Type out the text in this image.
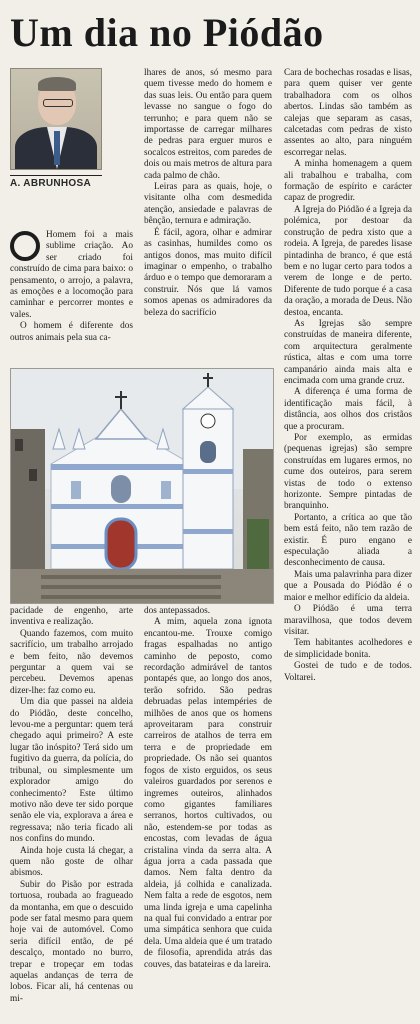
Um dia no Piódão
A. ABRUNHOSA

Homem foi a mais sublime criação. Ao ser criado foi construído de cima para baixo: o pensamento, o arrojo, a palavra, as emoções e a locomoção para caminhar e percorrer montes e vales.

O homem é diferente dos outros animais pela sua ca-

lhares de anos, só mesmo para quem tivesse medo do homem e das suas leis. Ou então para quem levasse no sangue o fogo do terrunho; e para quem não se importasse de carregar milhares de pedras para erguer muros e socalcos estreitos, com paredes de dois ou mais metros de altura para cada palmo de chão.

Leiras para as quais, hoje, o visitante olha com desmedida atenção, ansiedade e palavras de bênção, ternura e admiração.

É fácil, agora, olhar e admirar as casinhas, humildes como os antigos donos, mas muito difícil imaginar o empenho, o trabalho árduo e o tempo que demoraram a construir. Nós que lá vamos somos apenas os admiradores da beleza do sacrifício

pacidade de engenho, arte inventiva e realização.

Quando fazemos, com muito sacrifício, um trabalho arrojado e bem feito, não devemos perguntar a quem vai se percebeu. Devemos apenas dizer-lhe: faz como eu.

Um dia que passei na aldeia do Piódão, deste concelho, levou-me a perguntar: quem terá chegado aqui primeiro? A este lugar tão inóspito? Terá sido um fugitivo da guerra, da polícia, do tribunal, ou simplesmente um explorador amigo do conhecimento? Este último motivo não deve ter sido porque senão ele via, explorava a área e regressava; não teria ficado ali nos confins do mundo.

Ainda hoje custa lá chegar, a quem não goste de olhar abismos.

Subir do Pisão por estrada tortuosa, roubada ao fragueado da montanha, em que o descuido pode ser fatal mesmo para quem hoje vai de automóvel. Como seria difícil então, de pé descalço, montado no burro, trepar e tropeçar em todas aquelas andanças de terra de lobos. Ficar ali, há centenas ou mi-

dos antepassados.

A mim, aquela zona ignota encantou-me. Trouxe comigo fragas espalhadas no antigo caminho de peposto, como recordação admirável de tantos pontapés que, ao longo dos anos, terão sofrido. São pedras debruadas pelas intempéries de milhões de anos que os homens aproveitaram para construir carreiros de atalhos de terra em terra e de propriedade em propriedade. Os não sei quantos fogos de xisto erguidos, os seus valeiros guardados por serenos e ingremes outeiros, alinhados como gigantes familiares serranos, hortos cultivados, ou não, estendem-se por todas as encostas, com levadas de água cristalina vinda da serra alta. A água jorra a cada passada que damos. Nem falta dentro da aldeia, já colhida e canalizada. Nem falta a rede de esgotos, nem uma linda igreja e uma capelinha na qual fui convidado a entrar por uma simpática senhora que cuida dela. Uma aldeia que é um tratado de filosofia, aprendida atrás das couves, das batateiras e da lareira.

Cara de bochechas rosadas e lisas, para quem quiser ver gente trabalhadora com os olhos abertos. Lindas são também as calejas que separam as casas, calcetadas com pedras de xisto assentes ao alto, para ninguém escorregar nelas.

A minha homenagem a quem ali trabalhou e trabalha, com formação de espírito e carácter capaz de progredir.

A Igreja do Piódão é a Igreja da polémica, por destoar da construção de pedra xisto que a rodeia. A Igreja, de paredes lisase pintadinha de branco, é que está bem e no lugar certo para todos a verem de longe e de perto. Diferente de tudo porque é a casa da oração, a morada de Deus. Não destoa, encanta.

As Igrejas são sempre construídas de maneira diferente, com arquitectura geralmente rústica, altas e com uma torre campanário ainda mais alta e encimada com uma grande cruz.

A diferença é uma forma de identificação mais fácil, à distância, aos olhos dos cristãos que a procuram.

Por exemplo, as ermidas (pequenas igrejas) são sempre construídas em lugares ermos, no cume dos outeiros, para serem vistas de todo o extenso horizonte. Sempre pintadas de branquinho.

Portanto, a crítica ao que tão bem está feito, não tem razão de existir. É puro engano e especulação aliada a desconhecimento de causa.

Mais uma palavrinha para dizer que a Pousada do Piódão é o maior e melhor edifício da aldeia.

O Piódão é uma terra maravilhosa, que todos devem visitar.

Tem habitantes acolhedores e de simplicidade bonita.

Gostei de tudo e de todos. Voltarei.
